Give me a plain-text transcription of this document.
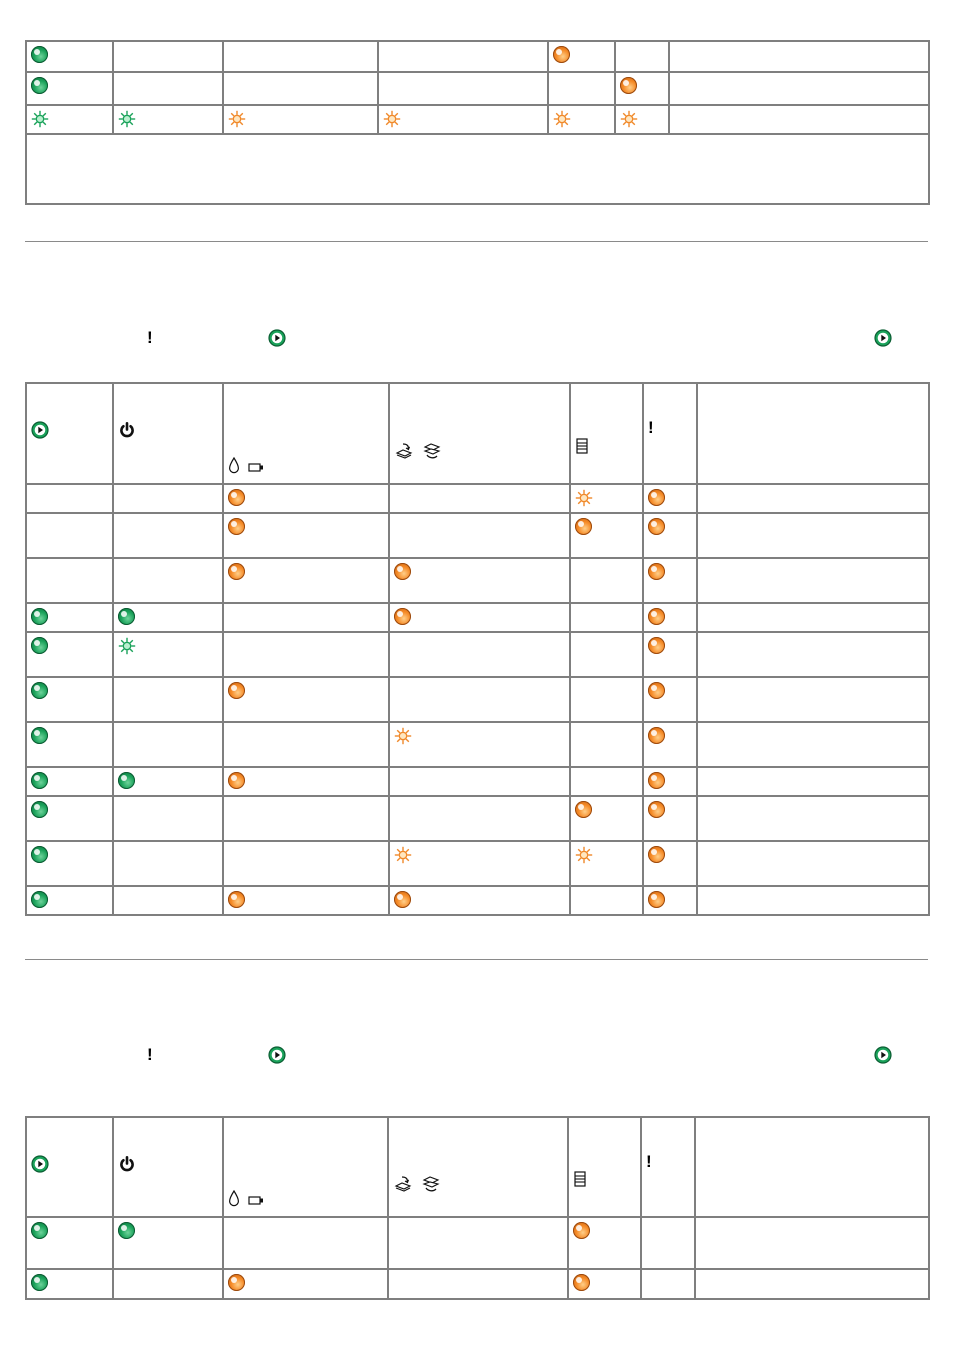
!
					!	

!
					!	
